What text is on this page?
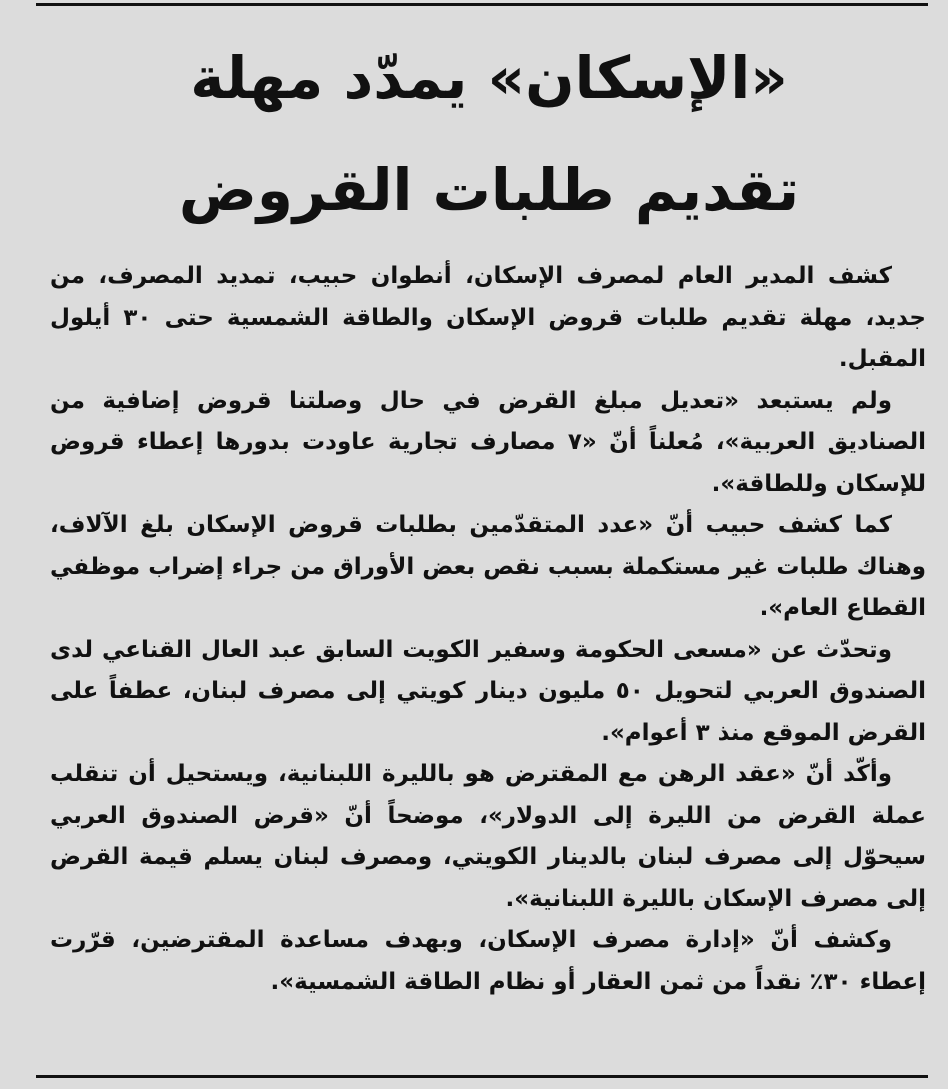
«الإسكان» يمدّد مهلة
تقديم طلبات القروض

كشف المدير العام لمصرف الإسكان، أنطوان حبيب، تمديد المصرف، من جديد، مهلة تقديم طلبات قروض الإسكان والطاقة الشمسية حتى ٣٠ أيلول المقبل.

ولم يستبعد «تعديل مبلغ القرض في حال وصلتنا قروض إضافية من الصناديق العربية»، مُعلناً أنّ «٧ مصارف تجارية عاودت بدورها إعطاء قروض للإسكان وللطاقة».

كما كشف حبيب أنّ «عدد المتقدّمين بطلبات قروض الإسكان بلغ الآلاف، وهناك طلبات غير مستكملة بسبب نقص بعض الأوراق من جراء إضراب موظفي القطاع العام».

وتحدّث عن «مسعى الحكومة وسفير الكويت السابق عبد العال القناعي لدى الصندوق العربي لتحويل ٥٠ مليون دينار كويتي إلى مصرف لبنان، عطفاً على القرض الموقع منذ ٣ أعوام».

وأكّد أنّ «عقد الرهن مع المقترض هو بالليرة اللبنانية، ويستحيل أن تنقلب عملة القرض من الليرة إلى الدولار»، موضحاً أنّ «قرض الصندوق العربي سيحوّل إلى مصرف لبنان بالدينار الكويتي، ومصرف لبنان يسلم قيمة القرض إلى مصرف الإسكان بالليرة اللبنانية».

وكشف أنّ «إدارة مصرف الإسكان، وبهدف مساعدة المقترضين، قرّرت إعطاء ٣٠٪ نقداً من ثمن العقار أو نظام الطاقة الشمسية».
